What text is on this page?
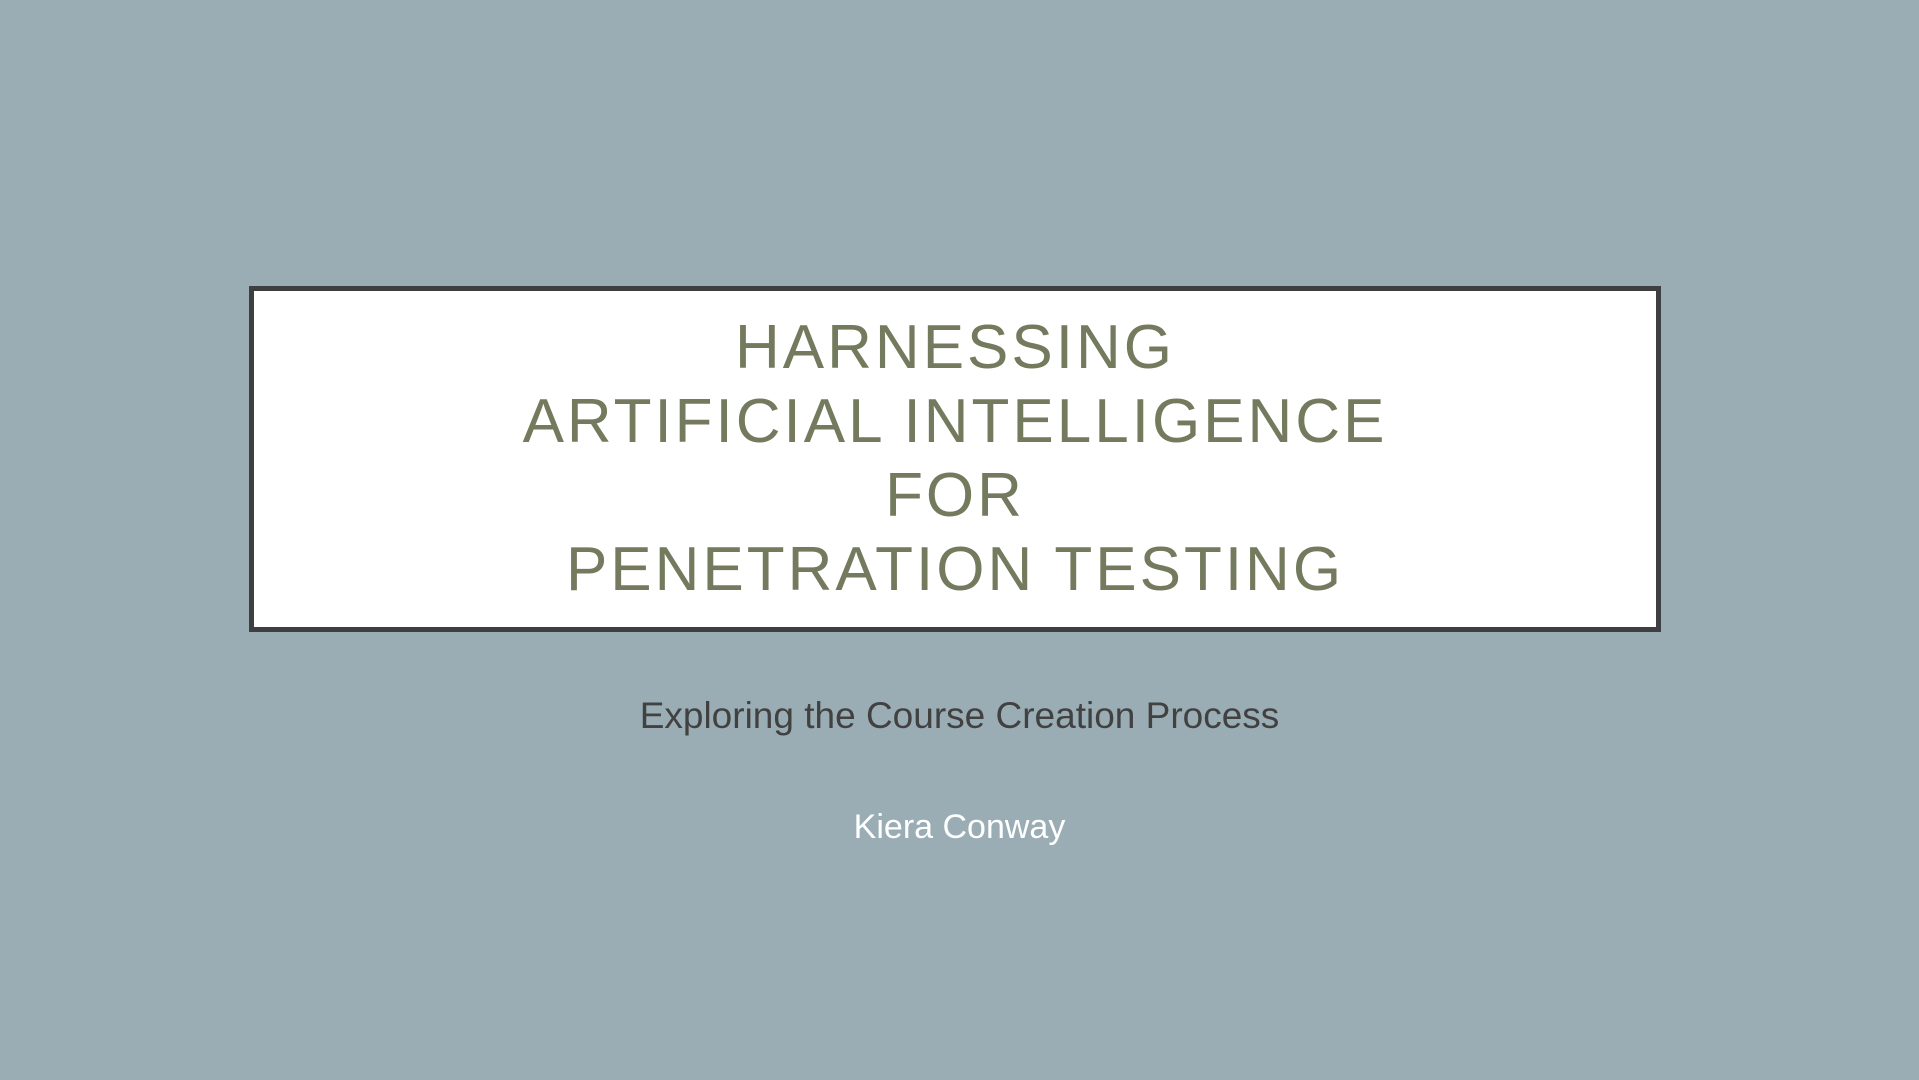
HARNESSING
ARTIFICIAL INTELLIGENCE
FOR
PENETRATION TESTING
Exploring the Course Creation Process
Kiera Conway
